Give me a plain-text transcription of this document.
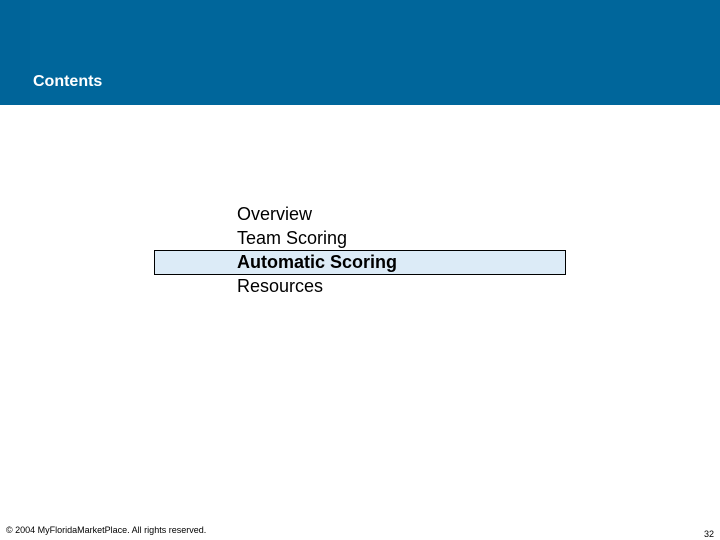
Contents
Overview
Team Scoring
Automatic Scoring
Resources
© 2004 MyFloridaMarketPlace. All rights reserved.	32
